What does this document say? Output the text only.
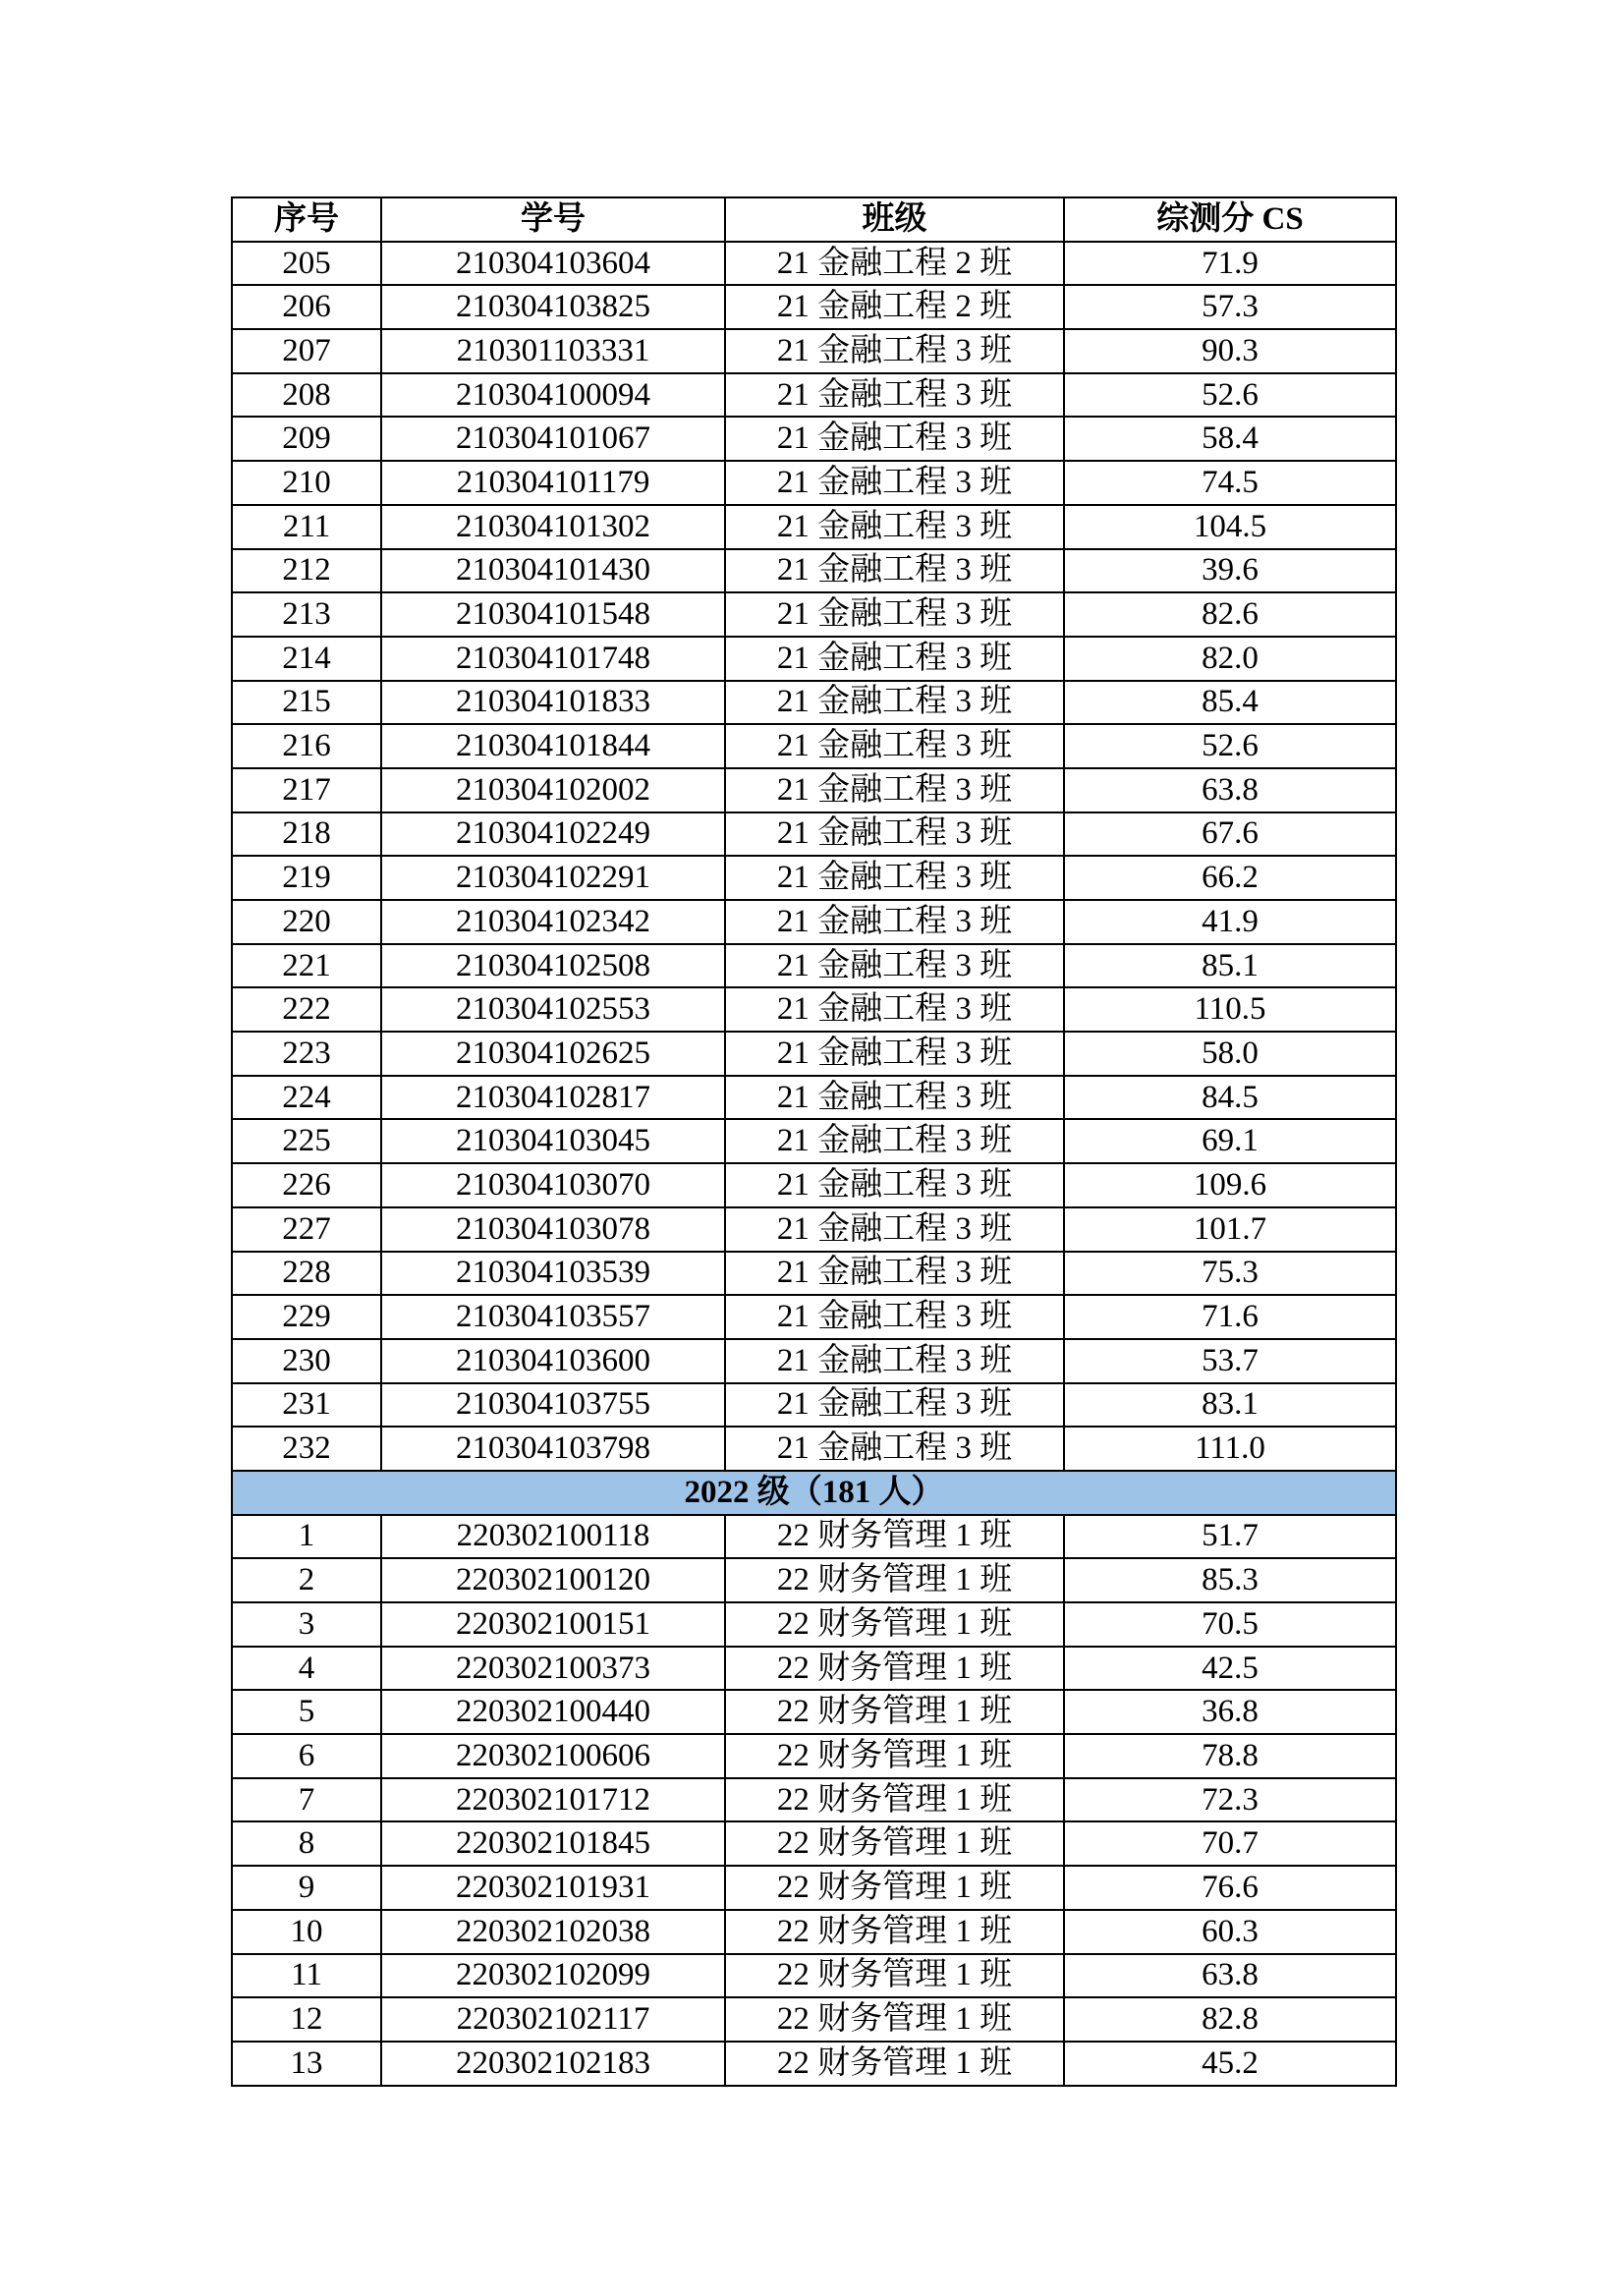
序号	学号	班级	综测分 CS
205	210304103604	21 金融工程 2 班	71.9
206	210304103825	21 金融工程 2 班	57.3
207	210301103331	21 金融工程 3 班	90.3
208	210304100094	21 金融工程 3 班	52.6
209	210304101067	21 金融工程 3 班	58.4
210	210304101179	21 金融工程 3 班	74.5
211	210304101302	21 金融工程 3 班	104.5
212	210304101430	21 金融工程 3 班	39.6
213	210304101548	21 金融工程 3 班	82.6
214	210304101748	21 金融工程 3 班	82.0
215	210304101833	21 金融工程 3 班	85.4
216	210304101844	21 金融工程 3 班	52.6
217	210304102002	21 金融工程 3 班	63.8
218	210304102249	21 金融工程 3 班	67.6
219	210304102291	21 金融工程 3 班	66.2
220	210304102342	21 金融工程 3 班	41.9
221	210304102508	21 金融工程 3 班	85.1
222	210304102553	21 金融工程 3 班	110.5
223	210304102625	21 金融工程 3 班	58.0
224	210304102817	21 金融工程 3 班	84.5
225	210304103045	21 金融工程 3 班	69.1
226	210304103070	21 金融工程 3 班	109.6
227	210304103078	21 金融工程 3 班	101.7
228	210304103539	21 金融工程 3 班	75.3
229	210304103557	21 金融工程 3 班	71.6
230	210304103600	21 金融工程 3 班	53.7
231	210304103755	21 金融工程 3 班	83.1
232	210304103798	21 金融工程 3 班	111.0
2022 级（181 人）			
1	220302100118	22 财务管理 1 班	51.7
2	220302100120	22 财务管理 1 班	85.3
3	220302100151	22 财务管理 1 班	70.5
4	220302100373	22 财务管理 1 班	42.5
5	220302100440	22 财务管理 1 班	36.8
6	220302100606	22 财务管理 1 班	78.8
7	220302101712	22 财务管理 1 班	72.3
8	220302101845	22 财务管理 1 班	70.7
9	220302101931	22 财务管理 1 班	76.6
10	220302102038	22 财务管理 1 班	60.3
11	220302102099	22 财务管理 1 班	63.8
12	220302102117	22 财务管理 1 班	82.8
13	220302102183	22 财务管理 1 班	45.2
